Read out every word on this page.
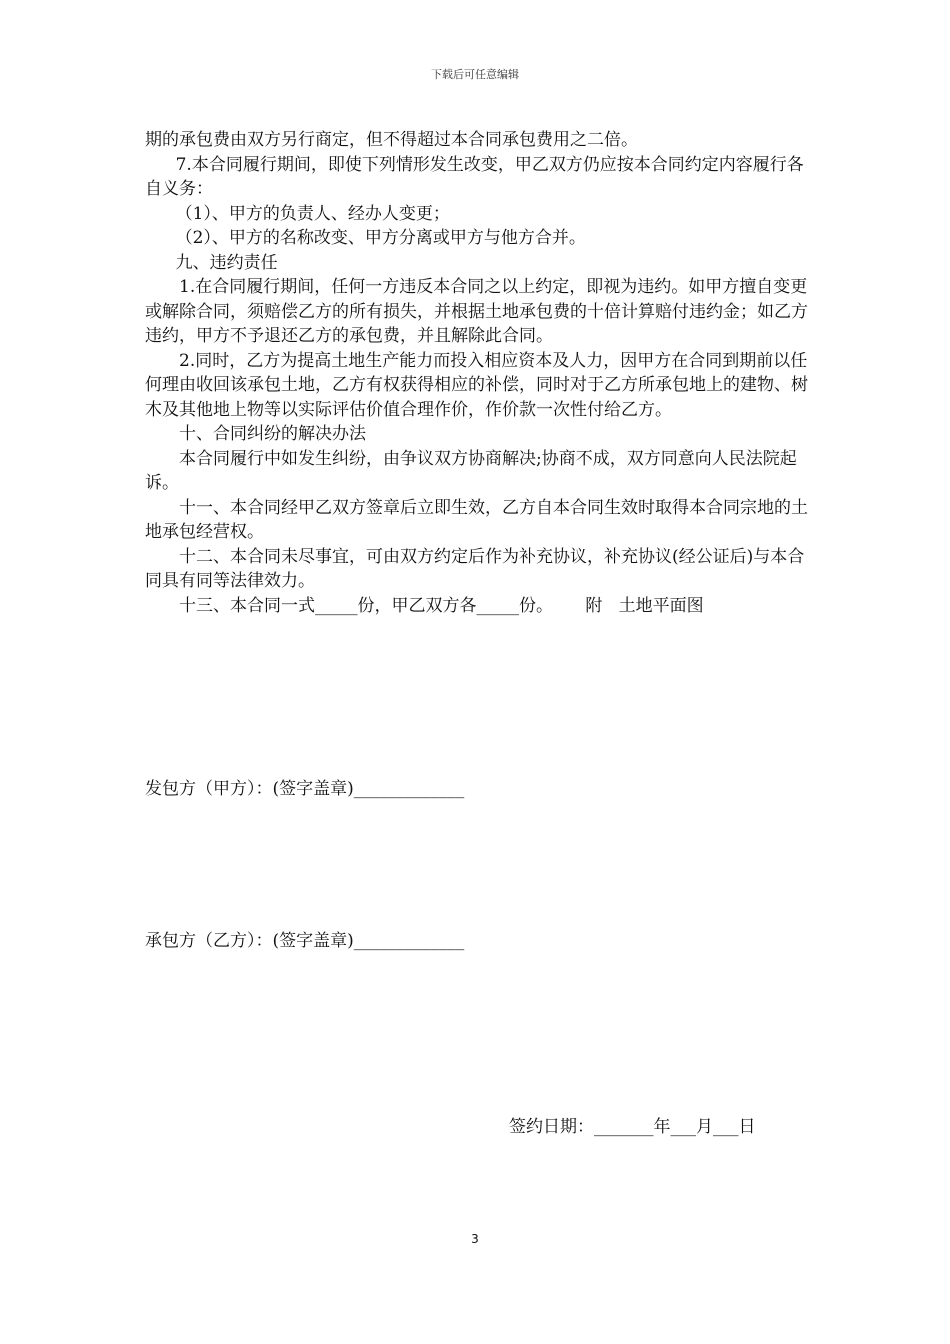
下载后可任意编辑

期的承包费由双方另行商定，但不得超过本合同承包费用之二倍。

7.本合同履行期间，即使下列情形发生改变，甲乙双方仍应按本合同约定内容履行各自义务：

（1）、甲方的负责人、经办人变更；

（2）、甲方的名称改变、甲方分离或甲方与他方合并。

九、违约责任

1.在合同履行期间，任何一方违反本合同之以上约定，即视为违约。如甲方擅自变更或解除合同，须赔偿乙方的所有损失，并根据土地承包费的十倍计算赔付违约金；如乙方违约，甲方不予退还乙方的承包费，并且解除此合同。

2.同时，乙方为提高土地生产能力而投入相应资本及人力，因甲方在合同到期前以任何理由收回该承包土地，乙方有权获得相应的补偿，同时对于乙方所承包地上的建物、树木及其他地上物等以实际评估价值合理作价，作价款一次性付给乙方。

十、合同纠纷的解决办法

本合同履行中如发生纠纷，由争议双方协商解决;协商不成，双方同意向人民法院起诉。

十一、本合同经甲乙双方签章后立即生效，乙方自本合同生效时取得本合同宗地的土地承包经营权。

十二、本合同未尽事宜，可由双方约定后作为补充协议，补充协议(经公证后)与本合同具有同等法律效力。

十三、本合同一式_____份，甲乙双方各_____份。      附   土地平面图

发包方（甲方）：(签字盖章)_____________
承包方（乙方）：(签字盖章)_____________
签约日期：_______年___月___日
3
